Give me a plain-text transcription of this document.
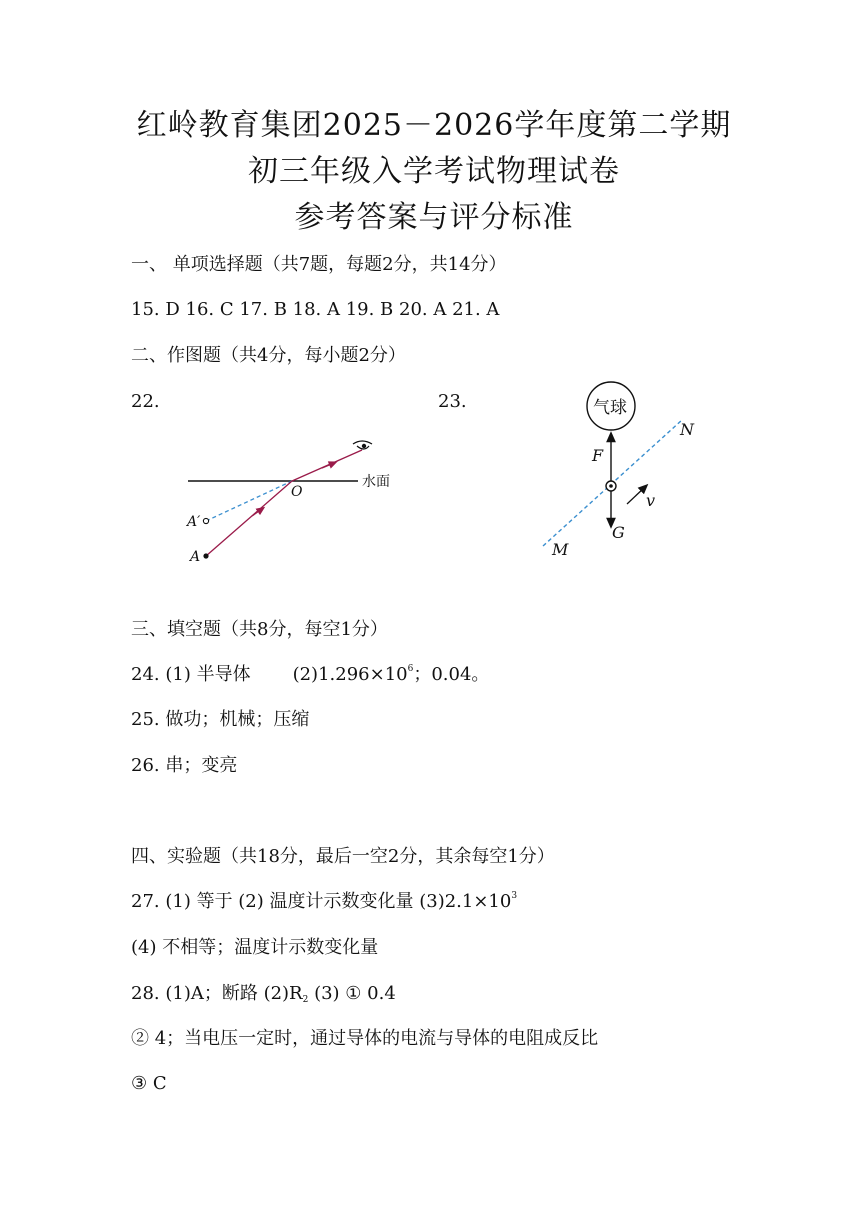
红岭教育集团2025－2026学年度第二学期
初三年级入学考试物理试卷
参考答案与评分标准
一、 单项选择题（共7题，每题2分，共14分）
15. D 16. C 17. B 18. A 19. B 20. A 21. A
二、作图题（共4分，每小题2分）
22.	23.
水面
O
A
A′
气球
F
G
v
M
N
三、填空题（共8分，每空1分）
24. (1) 半导体 $(2)1.296\times 10^6$；0.04。
25. 做功；机械；压缩
26. 串；变亮
四、实验题（共18分，最后一空2分，其余每空1分）
27. (1) 等于 (2) 温度计示数变化量 $(3)2.1\times 10^3$
(4) 不相等；温度计示数变化量
28. (1)A；断路 $(2)R_2$ (3) ① 0.4
② 4；当电压一定时，通过导体的电流与导体的电阻成反比
③ C
